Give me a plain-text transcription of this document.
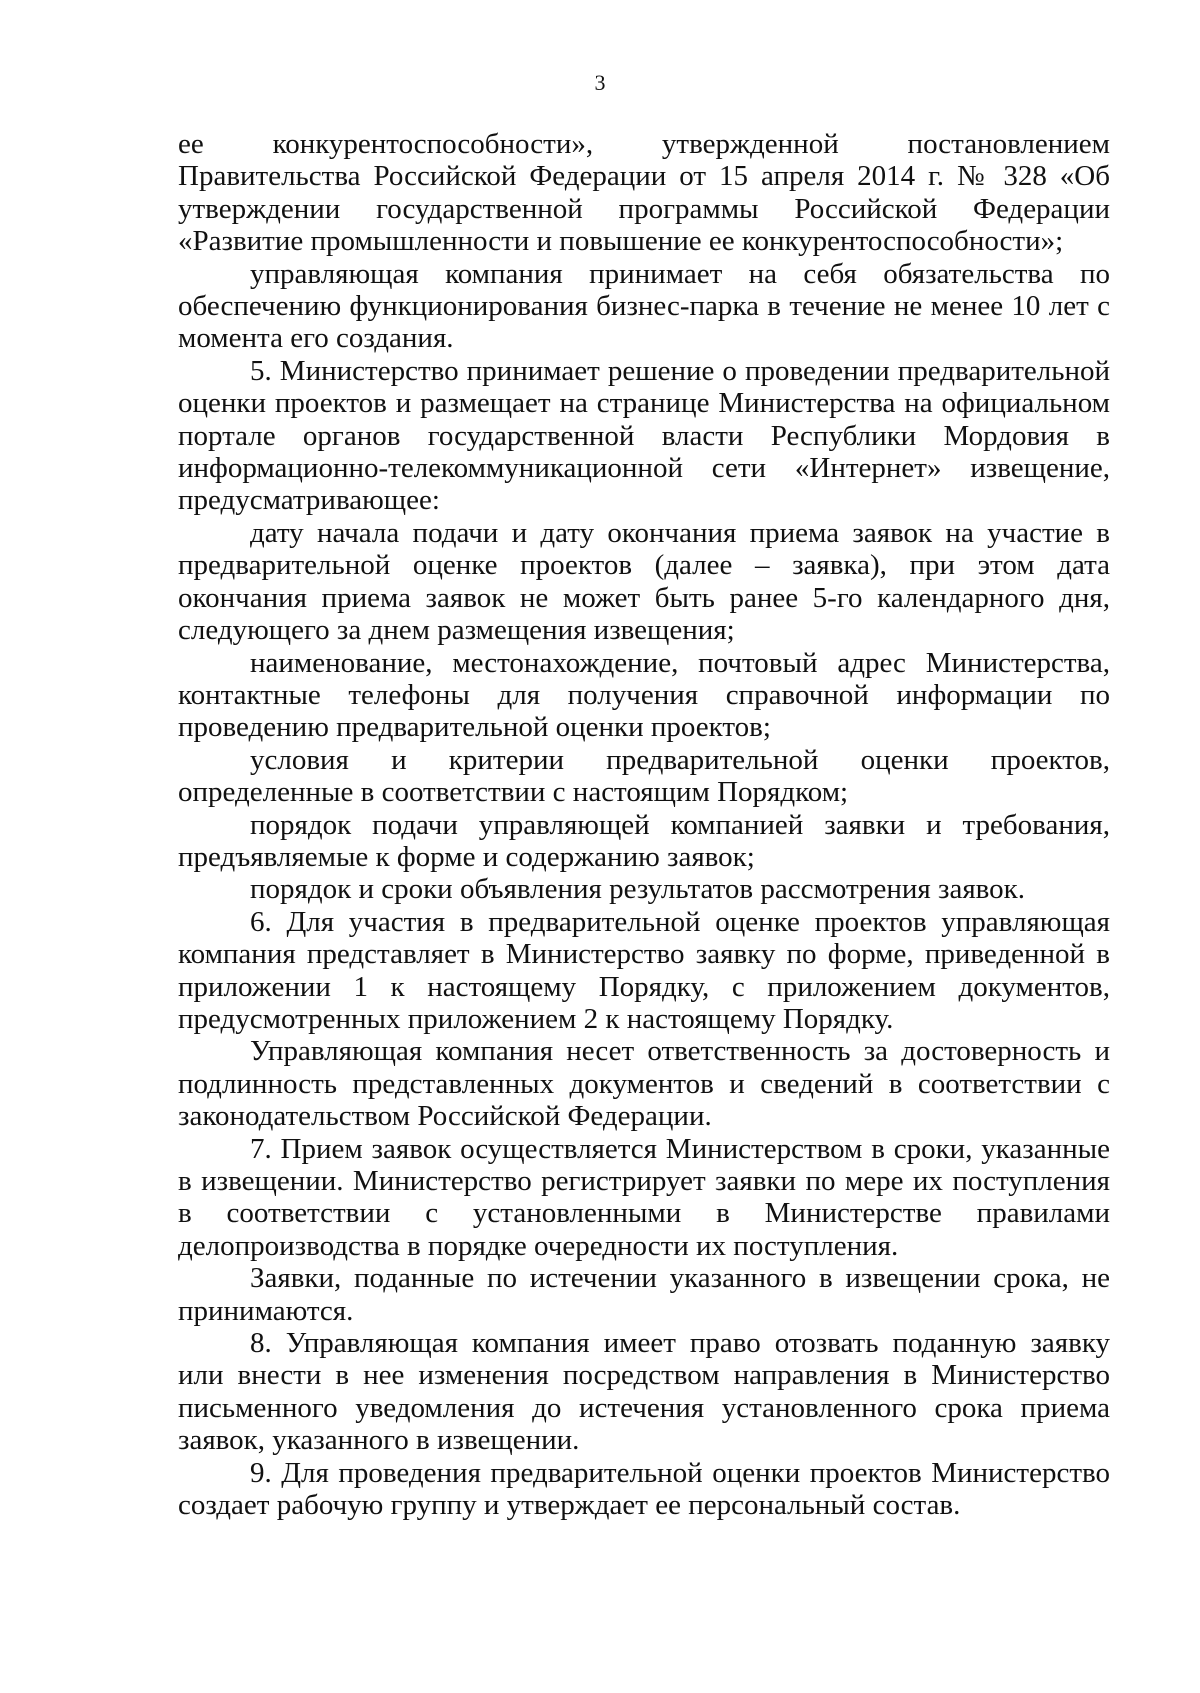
3

ее конкурентоспособности», утвержденной постановлением Правительства Российской Федерации от 15 апреля 2014 г. № 328 «Об утверждении государственной программы Российской Федерации «Развитие промышленности и повышение ее конкурентоспособности»;

управляющая компания принимает на себя обязательства по обеспечению функционирования бизнес-парка в течение не менее 10 лет с момента его создания.

5. Министерство принимает решение о проведении предварительной оценки проектов и размещает на странице Министерства на официальном портале органов государственной власти Республики Мордовия в информационно-телекоммуникационной сети «Интернет» извещение, предусматривающее:

дату начала подачи и дату окончания приема заявок на участие в предварительной оценке проектов (далее – заявка), при этом дата окончания приема заявок не может быть ранее 5-го календарного дня, следующего за днем размещения извещения;

наименование, местонахождение, почтовый адрес Министерства, контактные телефоны для получения справочной информации по проведению предварительной оценки проектов;

условия и критерии предварительной оценки проектов, определенные в соответствии с настоящим Порядком;

порядок подачи управляющей компанией заявки и требования, предъявляемые к форме и содержанию заявок;

порядок и сроки объявления результатов рассмотрения заявок.

6. Для участия в предварительной оценке проектов управляющая компания представляет в Министерство заявку по форме, приведенной в приложении 1 к настоящему Порядку, с приложением документов, предусмотренных приложением 2 к настоящему Порядку.

Управляющая компания несет ответственность за достоверность и подлинность представленных документов и сведений в соответствии с законодательством Российской Федерации.

7. Прием заявок осуществляется Министерством в сроки, указанные в извещении. Министерство регистрирует заявки по мере их поступления в соответствии с установленными в Министерстве правилами делопроизводства в порядке очередности их поступления.

Заявки, поданные по истечении указанного в извещении срока, не принимаются.

8. Управляющая компания имеет право отозвать поданную заявку или внести в нее изменения посредством направления в Министерство письменного уведомления до истечения установленного срока приема заявок, указанного в извещении.

9. Для проведения предварительной оценки проектов Министерство создает рабочую группу и утверждает ее персональный состав.
